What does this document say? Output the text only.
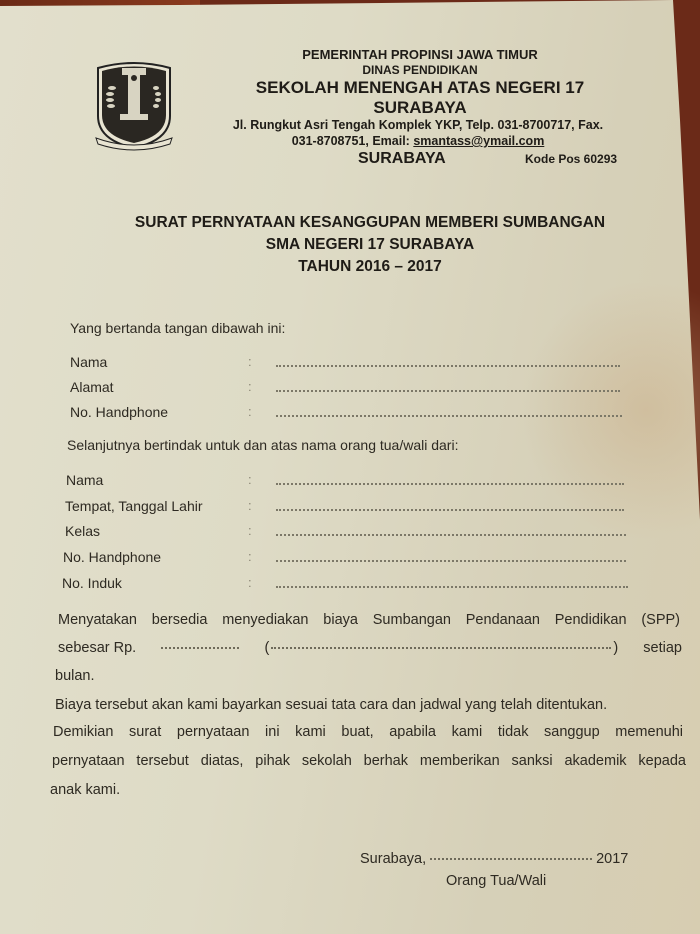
PEMERINTAH PROPINSI JAWA TIMUR
DINAS PENDIDIKAN
SEKOLAH MENENGAH ATAS NEGERI 17
SURABAYA
Jl. Rungkut Asri Tengah Komplek YKP, Telp. 031-8700717, Fax.
031-8708751, Email: smantass@ymail.com
SURABAYA	Kode Pos 60293
SURAT PERNYATAAN KESANGGUPAN MEMBERI SUMBANGAN
SMA NEGERI 17 SURABAYA
TAHUN 2016 – 2017
Yang bertanda tangan dibawah ini:
Nama	:
Alamat	:
No. Handphone	:
Selanjutnya bertindak untuk dan atas nama orang tua/wali dari:
Nama	:
Tempat, Tanggal Lahir	:
Kelas	:
No. Handphone	:
No. Induk	:
Menyatakan bersedia menyediakan biaya Sumbangan Pendanaan Pendidikan (SPP)
sebesar Rp.	(	) setiap
bulan.
Biaya tersebut akan kami bayarkan sesuai tata cara dan jadwal yang telah ditentukan.
Demikian surat pernyataan ini kami buat, apabila kami tidak sanggup memenuhi
pernyataan tersebut diatas, pihak sekolah berhak memberikan sanksi akademik kepada
anak kami.
Surabaya,	2017
Orang Tua/Wali
